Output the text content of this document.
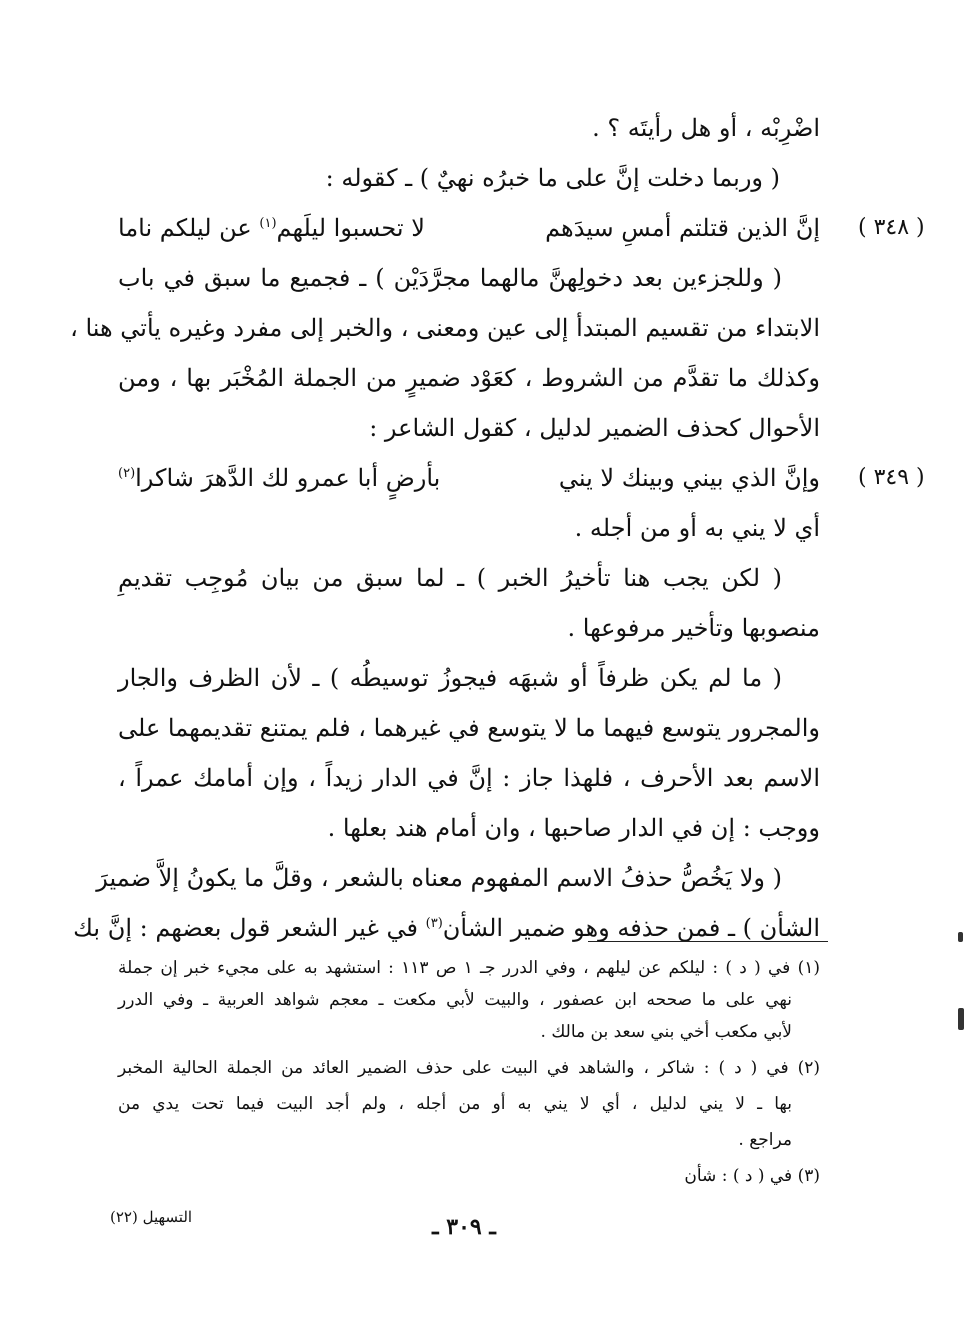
اضْرِبْه ، أو هل رأيتَه ؟ .
( وربما دخلت إنَّ على ما خبرُه نهيٌ ) ـ كقوله :
إنَّ الذين قتلتم أمسِ سيدَهم
لا تحسبوا ليلَهم$^{(١)}$ عن ليلكم ناما
( وللجزءين بعد دخولِهنَّ مالهما مجرَّدَيْن ) ـ فجميع ما سبق في باب
الابتداء من تقسيم المبتدأ إلى عين ومعنى ، والخبر إلى مفرد وغيره يأتي هنا ،
وكذلك ما تقدَّم من الشروط ، كعَوْد ضميرٍ من الجملة المُخْبَر بها ، ومن
الأحوال كحذف الضمير لدليل ، كقول الشاعر :
وإنَّ الذي بيني وبينك لا يني
بأرضٍ أبا عمرو لك الدَّهرَ شاكرا$^{(٢)}$
أي لا يني به أو من أجله .
( لكن يجب هنا تأخيرُ الخبر ) ـ لما سبق من بيان مُوجِب تقديمِ
منصوبها وتأخير مرفوعها .
( ما لم يكن ظرفاً أو شبهَه فيجوزُ توسيطُه ) ـ لأن الظرف والجار
والمجرور يتوسع فيهما ما لا يتوسع في غيرهما ، فلم يمتنع تقديمهما على
الاسم بعد الأحرف ، فلهذا جاز : إنَّ في الدار زيداً ، وإن أمامك عمراً ،
ووجب : إن في الدار صاحبها ، وان أمام هند بعلها .
( ولا يَخُصُّ حذفُ الاسم المفهوم معناه بالشعر ، وقلَّ ما يكونُ إلاَّ ضميرَ
الشأن ) ـ فمن حذفه وهو ضمير الشأن$^{(٣)}$ في غير الشعر قول بعضهم : إنَّ بك
( ٣٤٨ )
( ٣٤٩ )
(١) في ( د ) : ليلكم عن ليلهم ، وفي الدرر جـ ١ ص ١١٣ : استشهد به على مجيء خبر إن جملة
نهي على ما صححه ابن عصفور ، والبيت لأبي مكعت ـ معجم شواهد العربية ـ وفي الدرر
لأبي مكعب أخي بني سعد بن مالك .
(٢) في ( د ) : شاكر ، والشاهد في البيت على حذف الضمير العائد من الجملة الحالية المخبر
بها ـ لا يني لدليل ، أي لا يني به أو من أجله ، ولم أجد البيت فيما تحت يدي من
مراجع .
(٣) في ( د ) : شأن
التسهيل (٢٢)	ـ ٣٠٩ ـ
